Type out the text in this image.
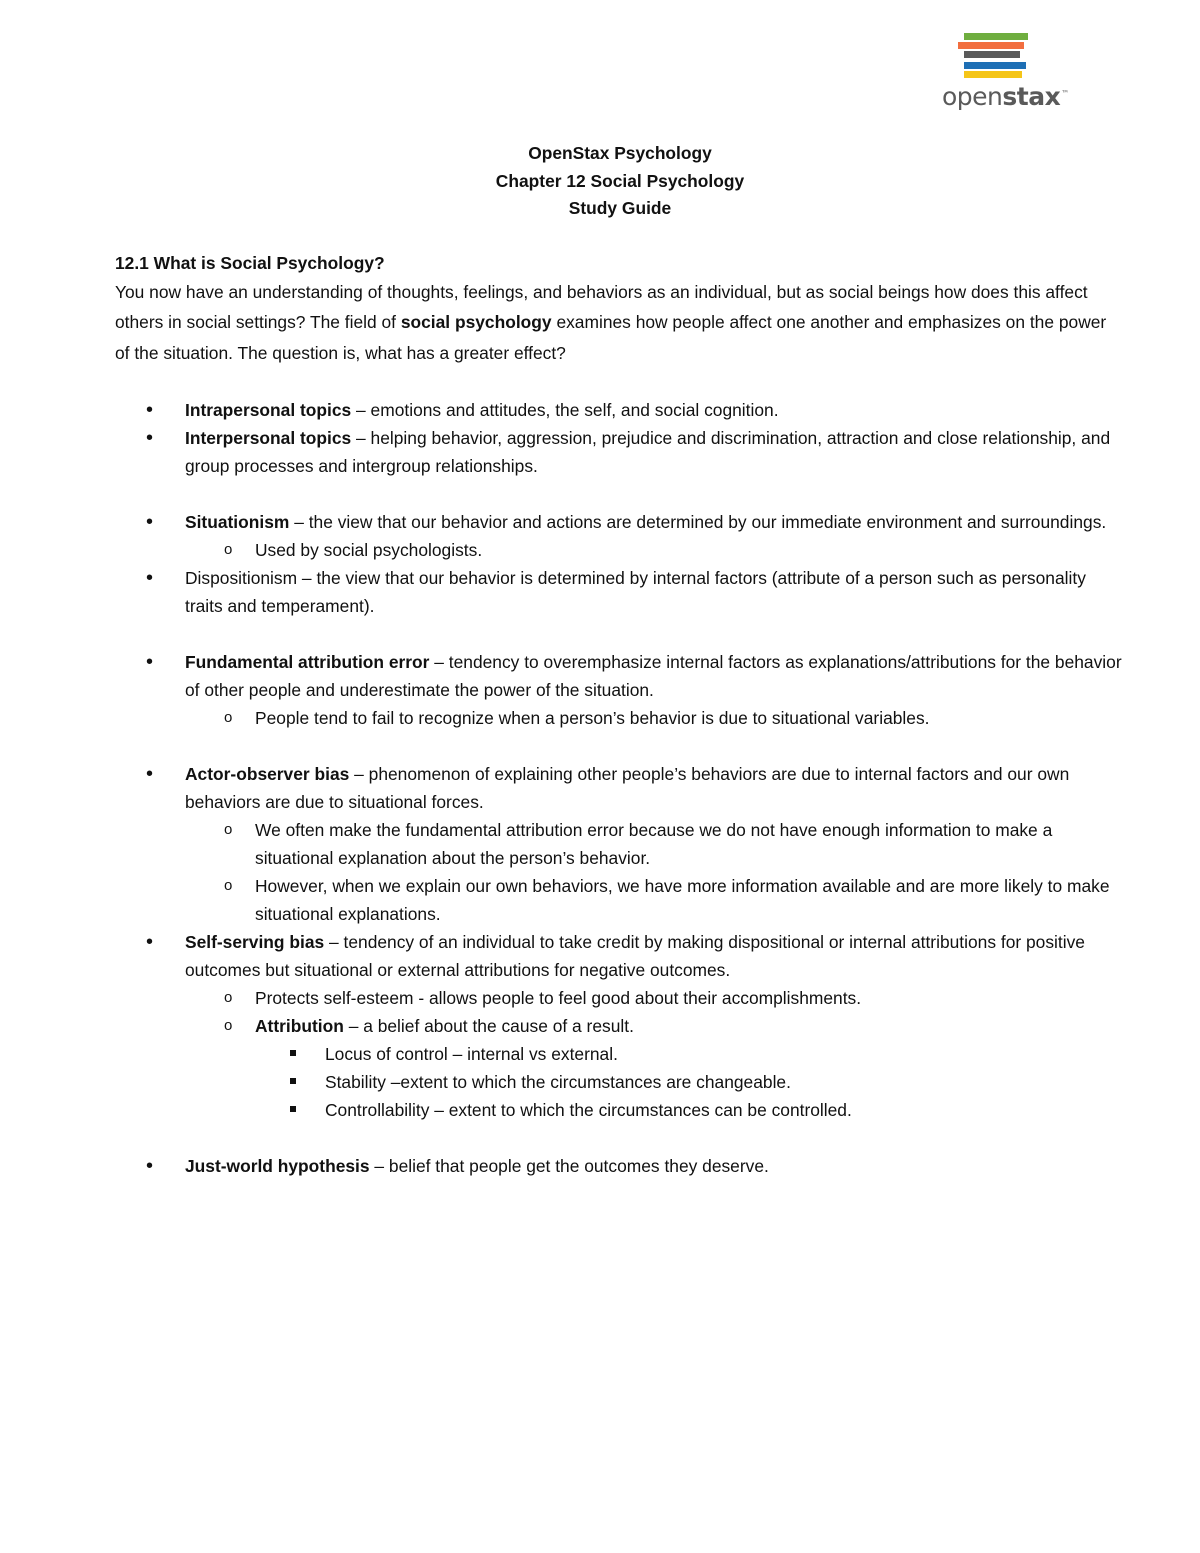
openstax™
OpenStax Psychology
Chapter 12 Social Psychology
Study Guide
12.1 What is Social Psychology?

You now have an understanding of thoughts, feelings, and behaviors as an individual, but as social beings how does this affect others in social settings? The field of social psychology examines how people affect one another and emphasizes on the power of the situation. The question is, what has a greater effect?

• Intrapersonal topics – emotions and attitudes, the self, and social cognition.
• Interpersonal topics – helping behavior, aggression, prejudice and discrimination, attraction and close relationship, and group processes and intergroup relationships.
• Situationism – the view that our behavior and actions are determined by our immediate environment and surroundings.
o Used by social psychologists.
• Dispositionism – the view that our behavior is determined by internal factors (attribute of a person such as personality traits and temperament).
• Fundamental attribution error – tendency to overemphasize internal factors as explanations/attributions for the behavior of other people and underestimate the power of the situation.
o People tend to fail to recognize when a person’s behavior is due to situational variables.
• Actor-observer bias – phenomenon of explaining other people’s behaviors are due to internal factors and our own behaviors are due to situational forces.
o We often make the fundamental attribution error because we do not have enough information to make a situational explanation about the person’s behavior.
o However, when we explain our own behaviors, we have more information available and are more likely to make situational explanations.
• Self-serving bias – tendency of an individual to take credit by making dispositional or internal attributions for positive outcomes but situational or external attributions for negative outcomes.
o Protects self-esteem - allows people to feel good about their accomplishments.
o Attribution – a belief about the cause of a result.
Locus of control – internal vs external.
Stability –extent to which the circumstances are changeable.
Controllability – extent to which the circumstances can be controlled.
• Just-world hypothesis – belief that people get the outcomes they deserve.
